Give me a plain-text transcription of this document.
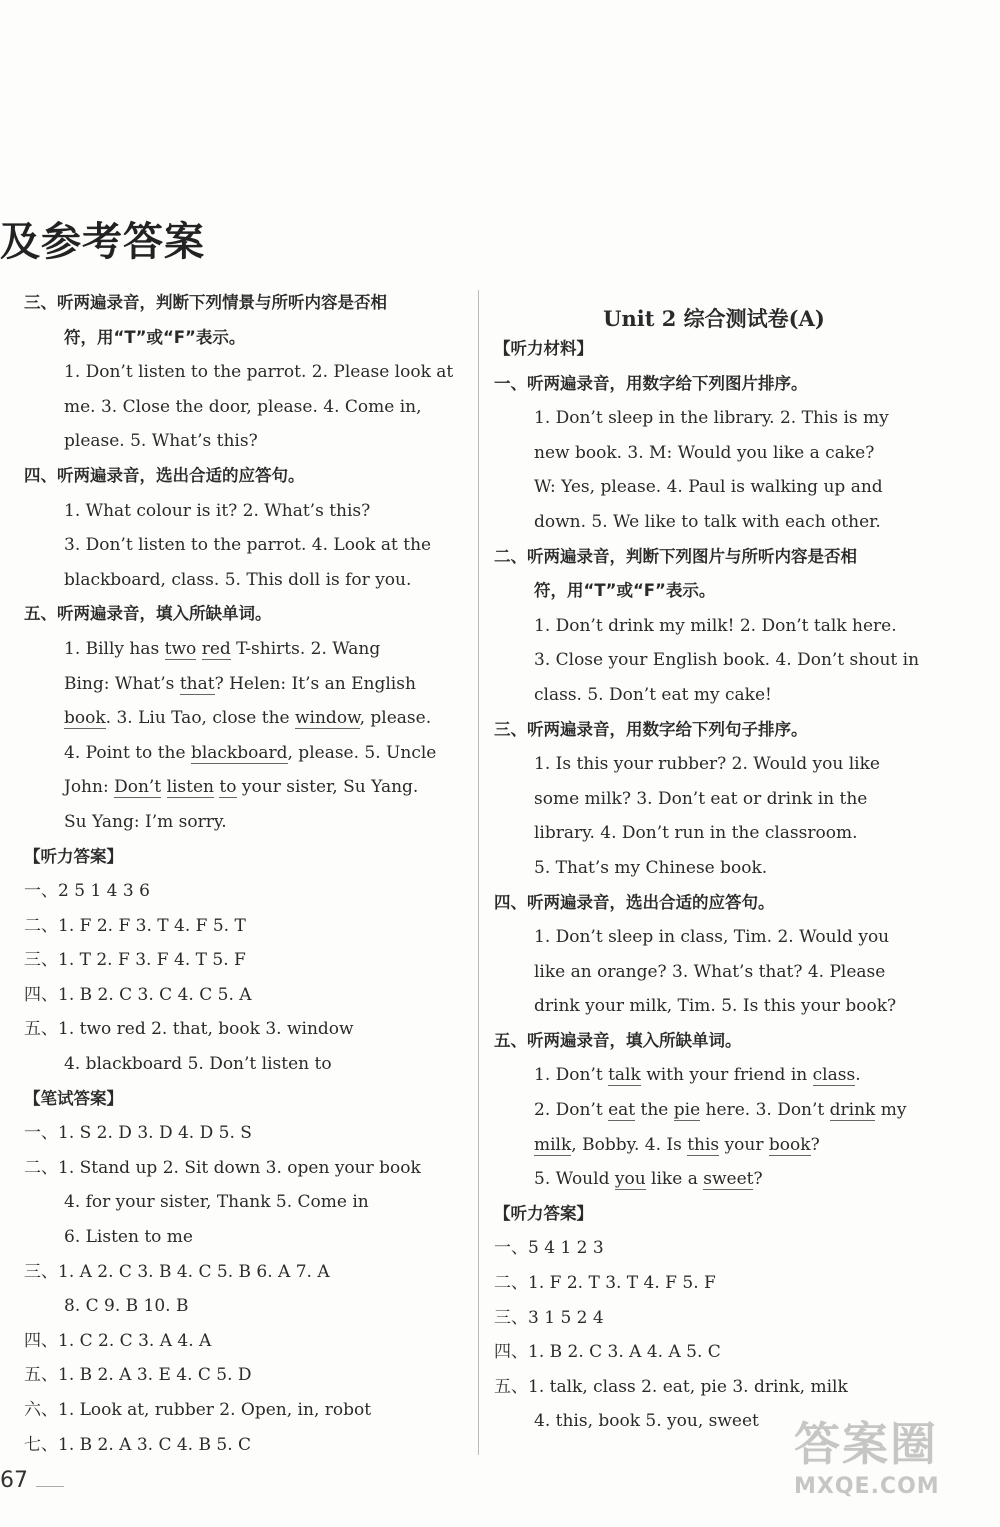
及参考答案
三、听两遍录音，判断下列情景与所听内容是否相
符，用“T”或“F”表示。
1. Don’t listen to the parrot. 2. Please look at
me. 3. Close the door, please. 4. Come in,
please. 5. What’s this?
四、听两遍录音，选出合适的应答句。
1. What colour is it? 2. What’s this?
3. Don’t listen to the parrot. 4. Look at the
blackboard, class. 5. This doll is for you.
五、听两遍录音，填入所缺单词。
1. Billy has two red T-shirts. 2. Wang
Bing: What’s that? Helen: It’s an English
book. 3. Liu Tao, close the window, please.
4. Point to the blackboard, please. 5. Uncle
John: Don’t listen to your sister, Su Yang.
Su Yang: I’m sorry.
【听力答案】
一、2 5 1 4 3 6
二、1. F 2. F 3. T 4. F 5. T
三、1. T 2. F 3. F 4. T 5. F
四、1. B 2. C 3. C 4. C 5. A
五、1. two red 2. that, book 3. window
4. blackboard 5. Don’t listen to
【笔试答案】
一、1. S 2. D 3. D 4. D 5. S
二、1. Stand up 2. Sit down 3. open your book
4. for your sister, Thank 5. Come in
6. Listen to me
三、1. A 2. C 3. B 4. C 5. B 6. A 7. A
8. C 9. B 10. B
四、1. C 2. C 3. A 4. A
五、1. B 2. A 3. E 4. C 5. D
六、1. Look at, rubber 2. Open, in, robot
七、1. B 2. A 3. C 4. B 5. C
Unit 2 综合测试卷(A)
【听力材料】
一、听两遍录音，用数字给下列图片排序。
1. Don’t sleep in the library. 2. This is my
new book. 3. M: Would you like a cake?
W: Yes, please. 4. Paul is walking up and
down. 5. We like to talk with each other.
二、听两遍录音，判断下列图片与所听内容是否相
符，用“T”或“F”表示。
1. Don’t drink my milk! 2. Don’t talk here.
3. Close your English book. 4. Don’t shout in
class. 5. Don’t eat my cake!
三、听两遍录音，用数字给下列句子排序。
1. Is this your rubber? 2. Would you like
some milk? 3. Don’t eat or drink in the
library. 4. Don’t run in the classroom.
5. That’s my Chinese book.
四、听两遍录音，选出合适的应答句。
1. Don’t sleep in class, Tim. 2. Would you
like an orange? 3. What’s that? 4. Please
drink your milk, Tim. 5. Is this your book?
五、听两遍录音，填入所缺单词。
1. Don’t talk with your friend in class.
2. Don’t eat the pie here. 3. Don’t drink my
milk, Bobby. 4. Is this your book?
5. Would you like a sweet?
【听力答案】
一、5 4 1 2 3
二、1. F 2. T 3. T 4. F 5. F
三、3 1 5 2 4
四、1. B 2. C 3. A 4. A 5. C
五、1. talk, class 2. eat, pie 3. drink, milk
4. this, book 5. you, sweet
67
答案圈
MXQE.COM
